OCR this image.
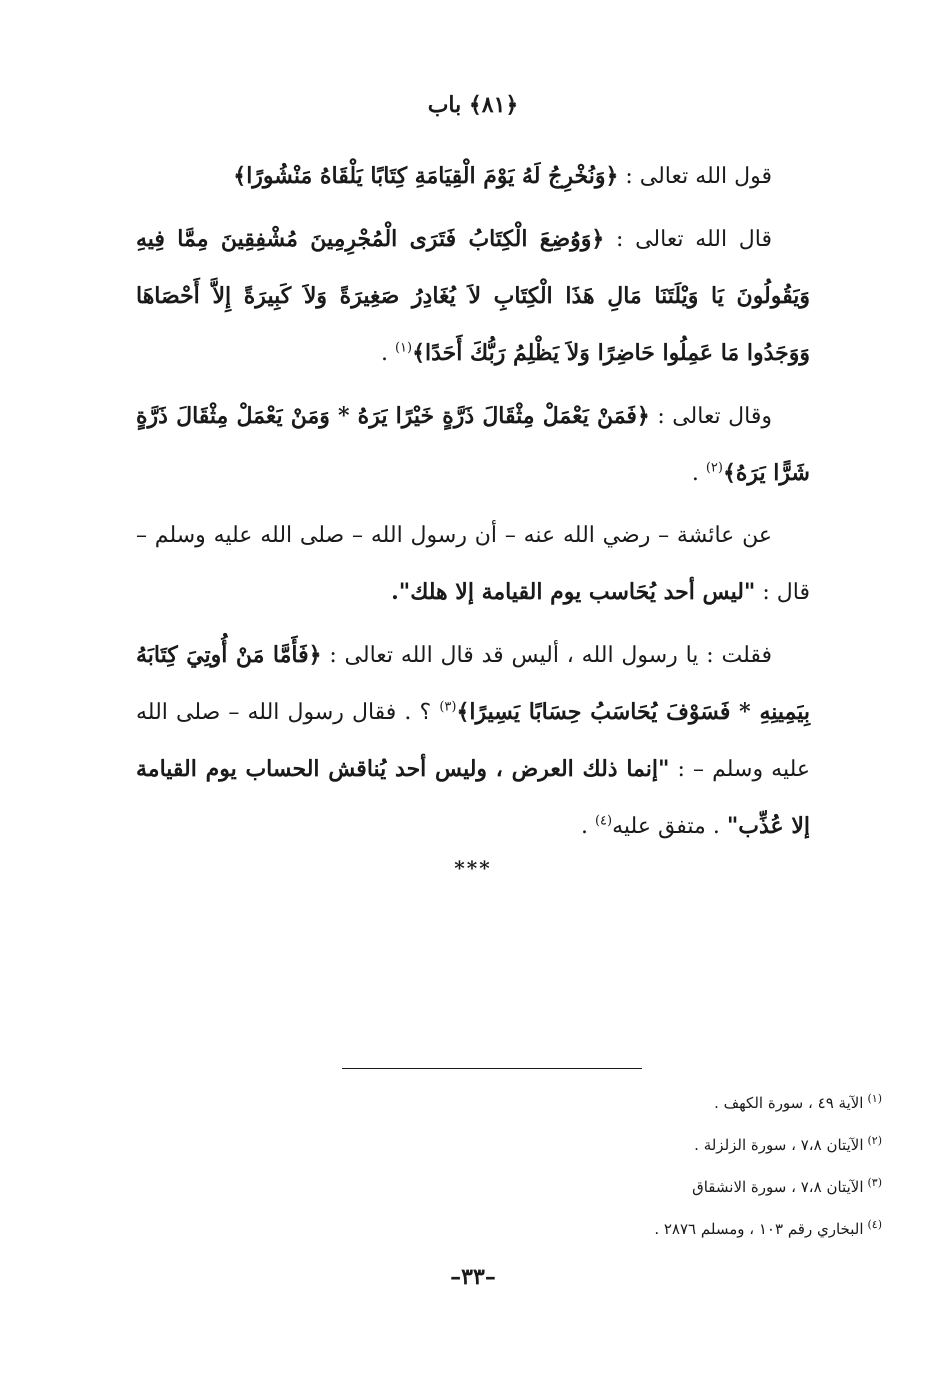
﴿٨١﴾ باب

قول الله تعالى : ﴿وَنُخْرِجُ لَهُ يَوْمَ الْقِيَامَةِ كِتَابًا يَلْقَاهُ مَنْشُورًا﴾

قال الله تعالى : ﴿وَوُضِعَ الْكِتَابُ فَتَرَى الْمُجْرِمِينَ مُشْفِقِينَ مِمَّا فِيهِ وَيَقُولُونَ يَا وَيْلَتَنَا مَالِ هَذَا الْكِتَابِ لاَ يُغَادِرُ صَغِيرَةً وَلاَ كَبِيرَةً إِلاَّ أَحْصَاهَا وَوَجَدُوا مَا عَمِلُوا حَاضِرًا وَلاَ يَظْلِمُ رَبُّكَ أَحَدًا﴾$^{(١)}$ .

وقال تعالى : ﴿فَمَنْ يَعْمَلْ مِثْقَالَ ذَرَّةٍ خَيْرًا يَرَهُ * وَمَنْ يَعْمَلْ مِثْقَالَ ذَرَّةٍ شَرًّا يَرَهُ﴾$^{(٢)}$ .

عن عائشة – رضي الله عنه – أن رسول الله – صلى الله عليه وسلم – قال : "ليس أحد يُحَاسب يوم القيامة إلا هلك".

فقلت : يا رسول الله ، أليس قد قال الله تعالى : ﴿فَأَمَّا مَنْ أُوتِيَ كِتَابَهُ بِيَمِينِهِ * فَسَوْفَ يُحَاسَبُ حِسَابًا يَسِيرًا﴾$^{(٣)}$ ؟ . فقال رسول الله – صلى الله عليه وسلم – : "إنما ذلك العرض ، وليس أحد يُناقش الحساب يوم القيامة إلا عُذِّب" . متفق عليه$^{(٤)}$ .

***
$^{(١)}$الآية ٤٩ ، سورة الكهف .
$^{(٢)}$الآيتان ٧،٨ ، سورة الزلزلة .
$^{(٣)}$الآيتان ٧،٨ ، سورة الانشقاق
$^{(٤)}$البخاري رقم ١٠٣ ، ومسلم ٢٨٧٦ .
–٣٣–
